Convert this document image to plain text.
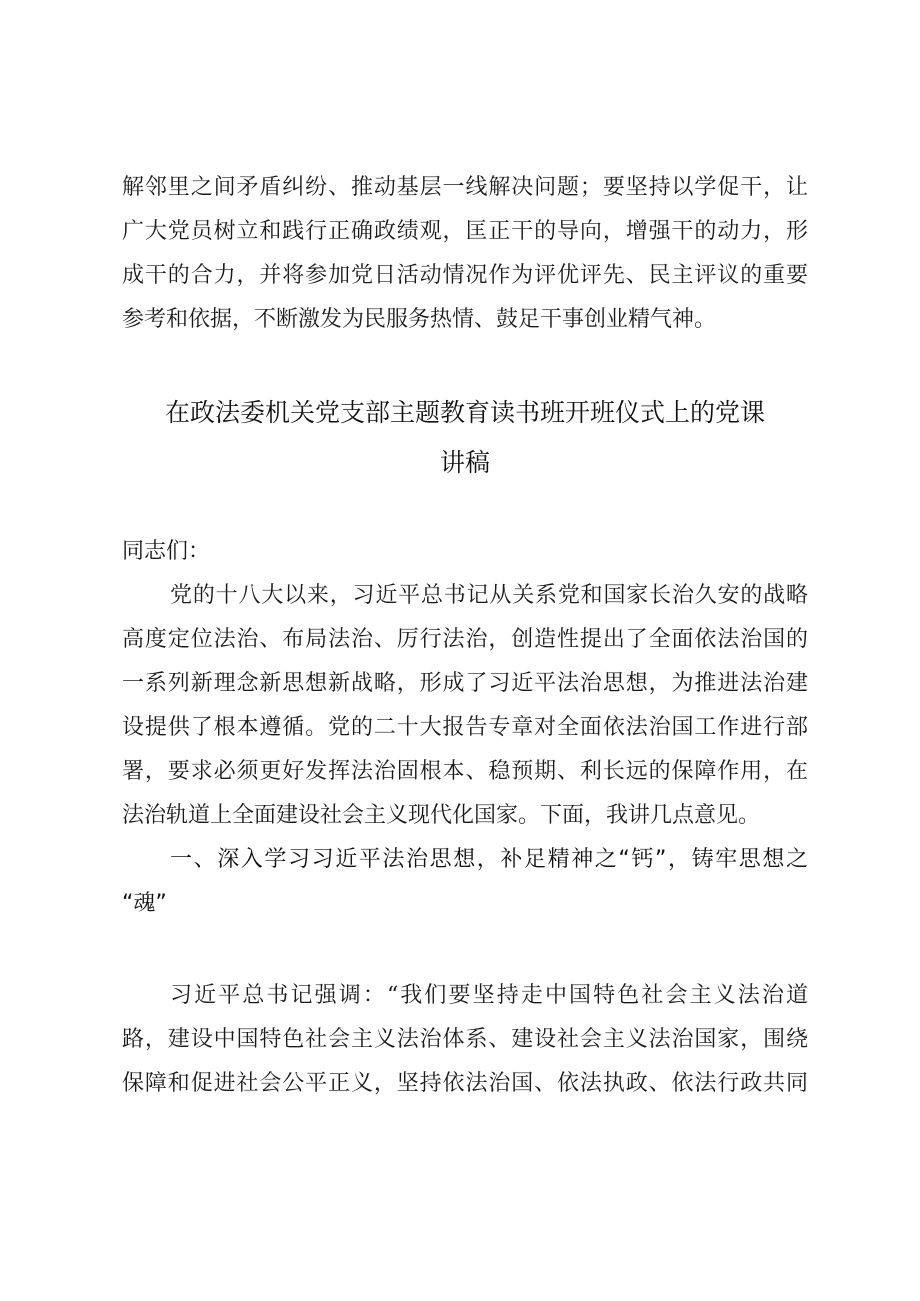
解邻里之间矛盾纠纷、推动基层一线解决问题；要坚持以学促干，让
广大党员树立和践行正确政绩观，匡正干的导向，增强干的动力，形
成干的合力，并将参加党日活动情况作为评优评先、民主评议的重要
参考和依据，不断激发为民服务热情、鼓足干事创业精气神。
在政法委机关党支部主题教育读书班开班仪式上的党课
讲稿
同志们：
党的十八大以来，习近平总书记从关系党和国家长治久安的战略
高度定位法治、布局法治、厉行法治，创造性提出了全面依法治国的
一系列新理念新思想新战略，形成了习近平法治思想，为推进法治建
设提供了根本遵循。党的二十大报告专章对全面依法治国工作进行部
署，要求必须更好发挥法治固根本、稳预期、利长远的保障作用，在
法治轨道上全面建设社会主义现代化国家。下面，我讲几点意见。
一、深入学习习近平法治思想，补足精神之“钙”，铸牢思想之
“魂”
习近平总书记强调：“我们要坚持走中国特色社会主义法治道
路，建设中国特色社会主义法治体系、建设社会主义法治国家，围绕
保障和促进社会公平正义，坚持依法治国、依法执政、依法行政共同
